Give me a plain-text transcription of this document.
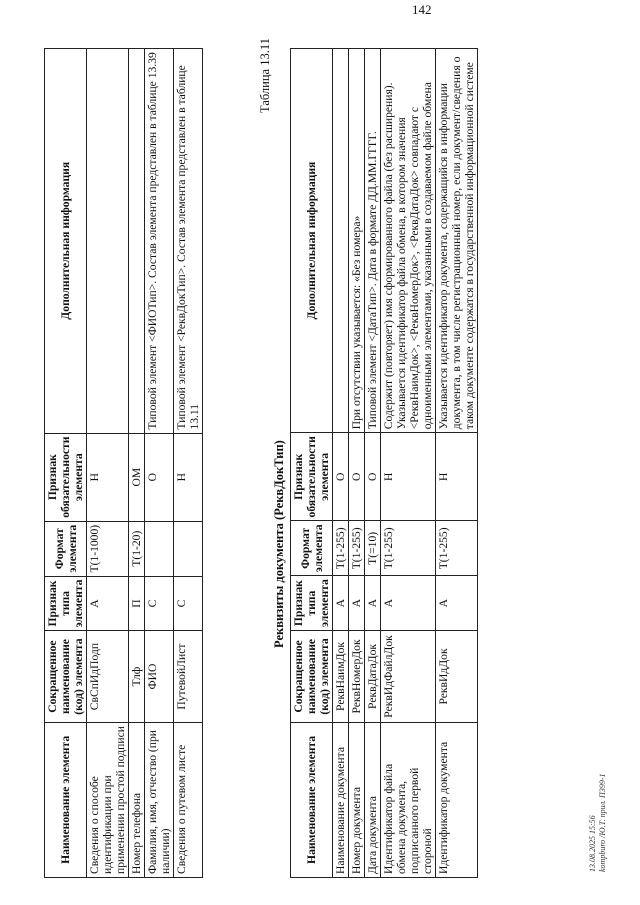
142
Наименование элемента	Сокращенное наименование (код) элемента	Признак типа элемента	Формат элемента	Признак обязательности элемента	Дополнительная информация
Сведения о способе идентификации при применении простой подписи	СвСпИдПодп	А	Т(1-1000)	Н	
Номер телефона	Тлф	П	Т(1-20)	ОМ	
Фамилия, имя, отчество (при наличии)	ФИО	С		О	Типовой элемент <ФИОТип>. Состав элемента представлен в таблице 13.39
Сведения о путевом листе	ПутевойЛист	С		Н	Типовой элемент <РеквДокТип>. Состав элемента представлен в таблице 13.11
Таблица 13.11
Реквизиты документа (РеквДокТип)
Наименование элемента	Сокращенное наименование (код) элемента	Признак типа элемента	Формат элемента	Признак обязательности элемента	Дополнительная информация
Наименование документа	РеквНаимДок	А	Т(1-255)	О	
Номер документа	РеквНомерДок	А	Т(1-255)	О	При отсутствии указывается: «Без номера»
Дата документа	РеквДатаДок	А	Т(=10)	О	Типовой элемент <ДатаТип>. Дата в формате ДД.ММ.ГГГГ.
Идентификатор файла обмена документа, подписанного первой стороной	РеквИдФайлДок	А	Т(1-255)	Н	Содержит (повторяет) имя сформированного файла (без расширения). Указывается идентификатор файла обмена, в котором значения <РеквНаимДок>, <РеквНомерДок>, <РеквДатаДок> совпадают с одноименными элементами, указанными в создаваемом файле обмена
Идентификатор документа	РеквИдДок	А	Т(1-255)	Н	Указывается идентификатор документа, содержащийся в информации документа, в том числе регистрационный номер, если документ/сведения о таком документе содержатся в государственной информационной системе
13.08.2025 15:56 kompburo /Ю.Т. прил. П399-1
